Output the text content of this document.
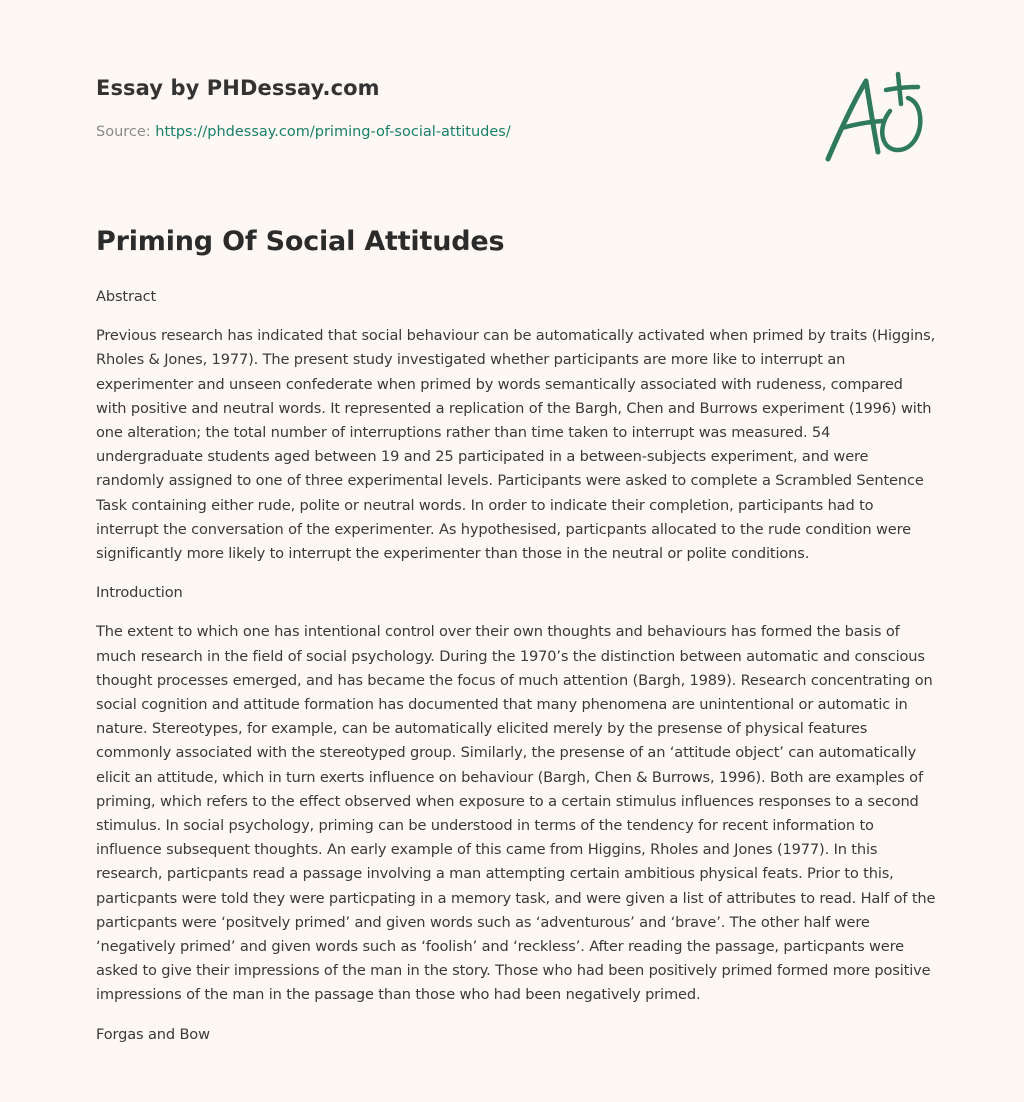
Essay by PHDessay.com
Source: https://phdessay.com/priming-of-social-attitudes/
Priming Of Social Attitudes

Abstract

Previous research has indicated that social behaviour can be automatically activated when primed by traits (Higgins, Rholes & Jones, 1977). The present study investigated whether participants are more like to interrupt an experimenter and unseen confederate when primed by words semantically associated with rudeness, compared with positive and neutral words. It represented a replication of the Bargh, Chen and Burrows experiment (1996) with one alteration; the total number of interruptions rather than time taken to interrupt was measured. 54 undergraduate students aged between 19 and 25 participated in a between-subjects experiment, and were randomly assigned to one of three experimental levels. Participants were asked to complete a Scrambled Sentence Task containing either rude, polite or neutral words. In order to indicate their completion, participants had to interrupt the conversation of the experimenter. As hypothesised, particpants allocated to the rude condition were significantly more likely to interrupt the experimenter than those in the neutral or polite conditions.

Introduction

The extent to which one has intentional control over their own thoughts and behaviours has formed the basis of much research in the field of social psychology. During the 1970’s the distinction between automatic and conscious thought processes emerged, and has became the focus of much attention (Bargh, 1989). Research concentrating on social cognition and attitude formation has documented that many phenomena are unintentional or automatic in nature. Stereotypes, for example, can be automatically elicited merely by the presense of physical features commonly associated with the stereotyped group. Similarly, the presense of an ‘attitude object’ can automatically elicit an attitude, which in turn exerts influence on behaviour (Bargh, Chen & Burrows, 1996). Both are examples of priming, which refers to the effect observed when exposure to a certain stimulus influences responses to a second stimulus. In social psychology, priming can be understood in terms of the tendency for recent information to influence subsequent thoughts. An early example of this came from Higgins, Rholes and Jones (1977). In this research, particpants read a passage involving a man attempting certain ambitious physical feats. Prior to this, particpants were told they were particpating in a memory task, and were given a list of attributes to read. Half of the particpants were ‘positvely primed’ and given words such as ‘adventurous’ and ‘brave’. The other half were ‘negatively primed’ and given words such as ‘foolish’ and ‘reckless’. After reading the passage, particpants were asked to give their impressions of the man in the story. Those who had been positively primed formed more positive impressions of the man in the passage than those who had been negatively primed.

Forgas and Bow
